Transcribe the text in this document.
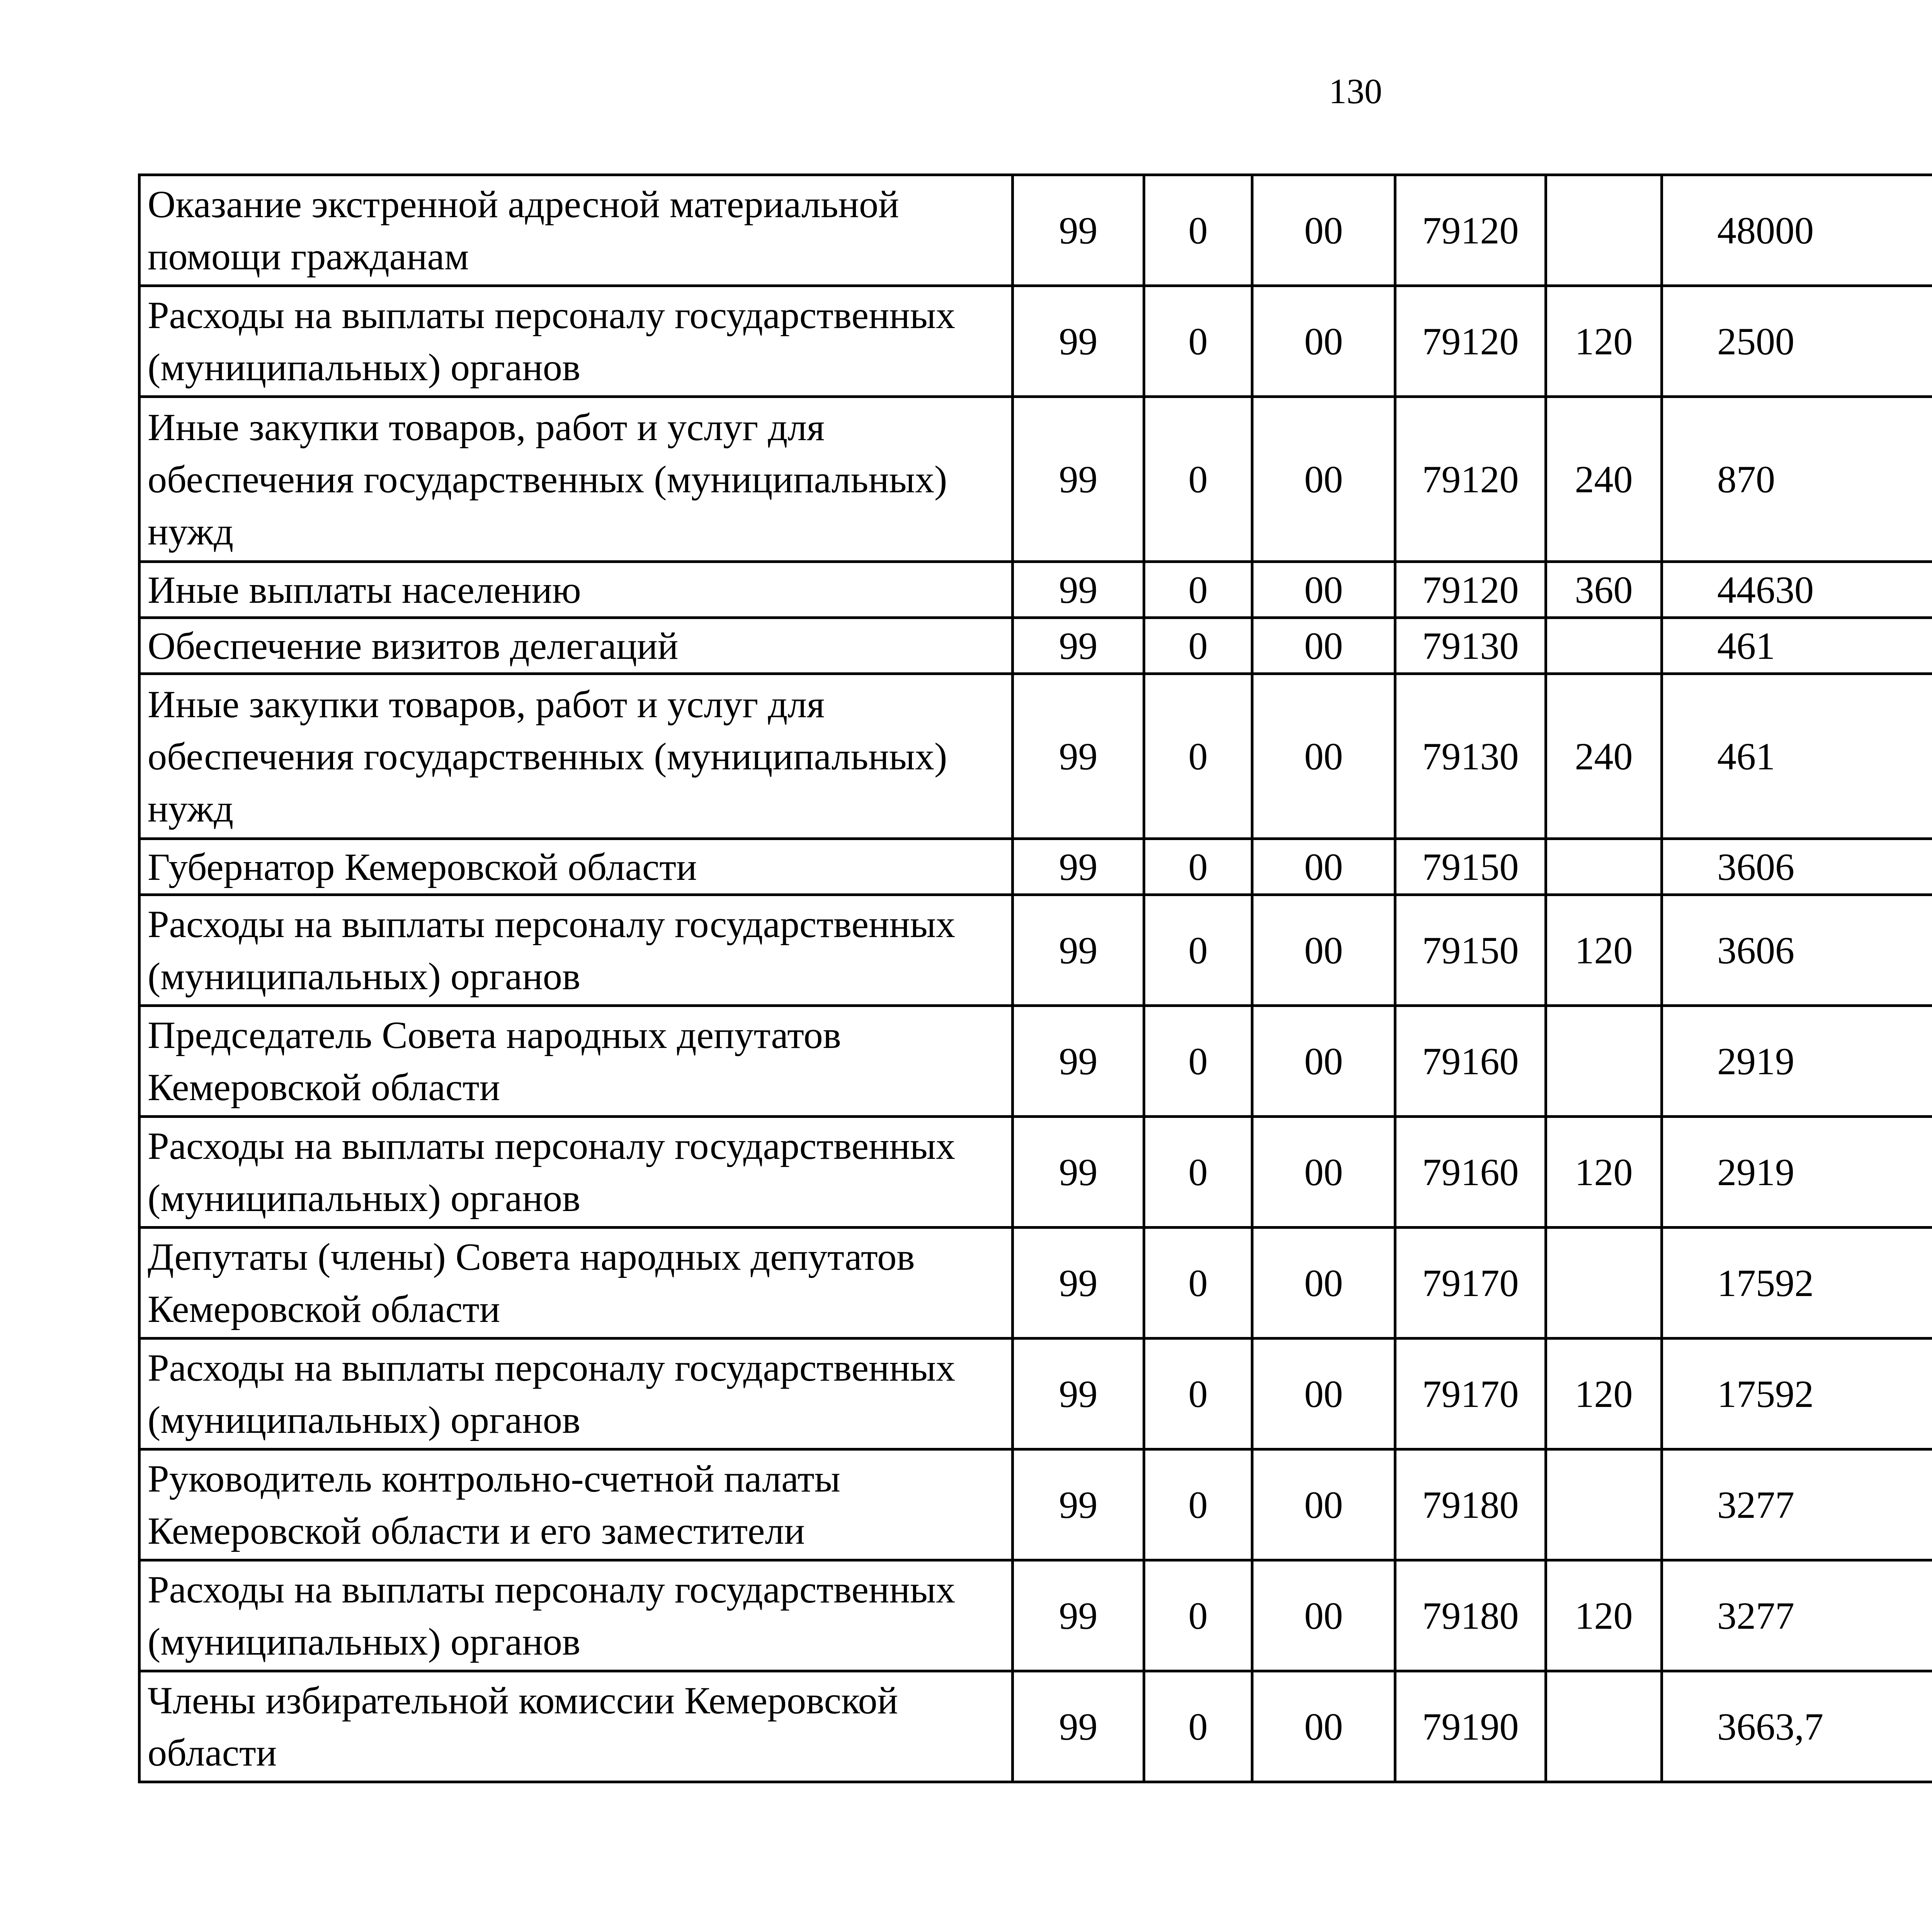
130
Оказание экстренной адресной материальной помощи гражданам	99	0	00	79120		48000		
Расходы на выплаты персоналу государственных (муниципальных) органов	99	0	00	79120	120	2500		
Иные закупки товаров, работ и услуг для обеспечения государственных (муниципальных) нужд	99	0	00	79120	240	870		
Иные выплаты населению	99	0	00	79120	360	44630		
Обеспечение визитов делегаций	99	0	00	79130		461		
Иные закупки товаров, работ и услуг для обеспечения государственных (муниципальных) нужд	99	0	00	79130	240	461		
Губернатор Кемеровской области	99	0	00	79150		3606		
Расходы на выплаты персоналу государственных (муниципальных) органов	99	0	00	79150	120	3606		
Председатель Совета народных депутатов Кемеровской области	99	0	00	79160		2919		
Расходы на выплаты персоналу государственных (муниципальных) органов	99	0	00	79160	120	2919		
Депутаты (члены) Совета народных депутатов Кемеровской области	99	0	00	79170		17592		
Расходы на выплаты персоналу государственных (муниципальных) органов	99	0	00	79170	120	17592		
Руководитель контрольно-счетной палаты Кемеровской области и его заместители	99	0	00	79180		3277		
Расходы на выплаты персоналу государственных (муниципальных) органов	99	0	00	79180	120	3277		
Члены избирательной комиссии Кемеровской области	99	0	00	79190		3663,7		
